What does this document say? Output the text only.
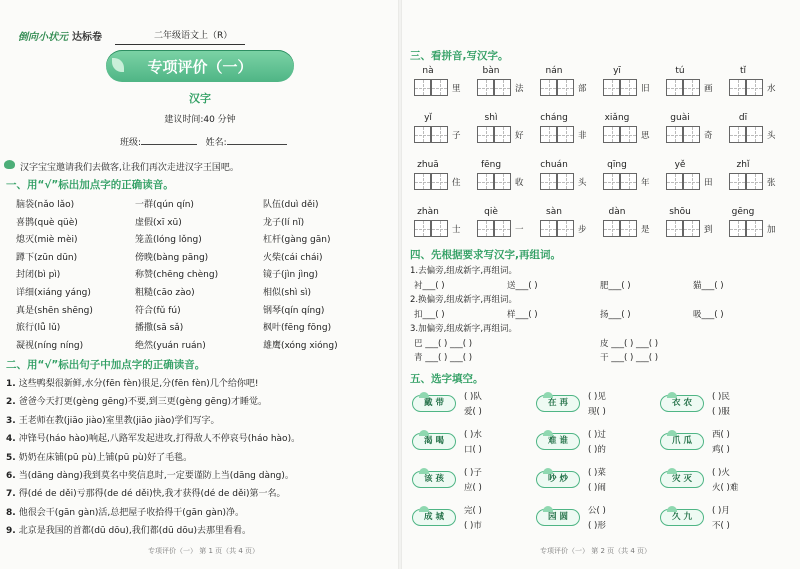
倒向小状元 达标卷	二年级语文上（R）
专项评价（一）
汉字
建议时间:40 分钟
班级:	姓名:
汉字宝宝邀请我们去做客,让我们再次走进汉字王国吧。
一、用“√”标出加点字的正确读音。
脑袋(nǎo lǎo)	一群(qún qín)	队伍(duì děi)
喜鹊(què qüè)	虚假(xī xū)	龙子(lí nǐ)
熄灭(miè mèi)	笼盖(lóng lǒng)	杠杆(gàng gān)
蹲下(zūn dūn)	傍晚(bàng pāng)	火柴(cái chái)
封闭(bì pì)	称赞(chēng chèng)	镜子(jìn jìng)
详细(xiáng yáng)	粗糙(cāo zào)	相似(shì sì)
真是(shēn shēng)	符合(fǔ fú)	钢琴(qín qíng)
旅行(lǚ lǔ)	播撒(sā sǎ)	枫叶(fēng fōng)
凝视(níng níng)	绝然(yuán ruán)	雄鹰(xóng xióng)
二、用“√”标出句子中加点字的正确读音。
1. 这些鸭梨很新鲜,水分(fēn fèn)很足,分(fēn fèn)几个给你吧!
2. 爸爸今天打更(gèng gēng)不要,到三更(gèng gēng)才睡觉。
3. 王老师在教(jiāo jiào)室里教(jiāo jiào)学们写字。
4. 冲锋号(háo hào)响起,八路军发起进攻,打得敌人不停哀号(háo hào)。
5. 奶奶在床铺(pū pù)上铺(pū pù)好了毛毯。
6. 当(dāng dàng)我到莫名中奖信息时,一定要谨防上当(dāng dàng)。
7. 得(dé de děi)亏那得(de dé děi)快,我才获得(dé de děi)第一名。
8. 他很会干(gān gàn)活,总把屋子收拾得干(gān gàn)净。
9. 北京是我国的首都(dū dōu),我们都(dū dōu)去那里看看。
专项评价（一） 第 1 页（共 4 页）
三、看拼音,写汉字。
nà
里
bàn
法
nán
部
yī
旧
tú
画
tǐ
水
yǐ
子
shì
好
cháng
非
xiǎng
思
guài
奇
dī
头
zhuā
住
fēng
收
chuán
头
qīng
年
yě
田
zhǐ
张
zhàn
士
qiè
一
sàn
步
dàn
是
shōu
到
gēng
加
四、先根据要求写汉字,再组词。
1.去偏旁,组成新字,再组词。
衬___( )	送___( )	肥___( )	猫___( )
2.换偏旁,组成新字,再组词。
扣___( )	样___( )	扬___( )	吸___( )
3.加偏旁,组成新字,再组词。
巴 ___( ) ___( )	皮 ___( ) ___( )
青 ___( ) ___( )	干 ___( ) ___( )
五、选字填空。
戴 带
( )队
爱( )
在 再
( )见
现( )
衣 农
( )民
( )服
渴 喝
( )水
口( )
难 谁
( )过
( )的
爪 瓜
西( )
鸡( )
该 孩
( )子
应( )
吵 炒
( )菜
( )闹
灾 灭
( )火
火( )难
成 城
完( )
( )市
园 圆
公( )
( )形
久 九
( )月
不( )
专项评价（一） 第 2 页（共 4 页）
